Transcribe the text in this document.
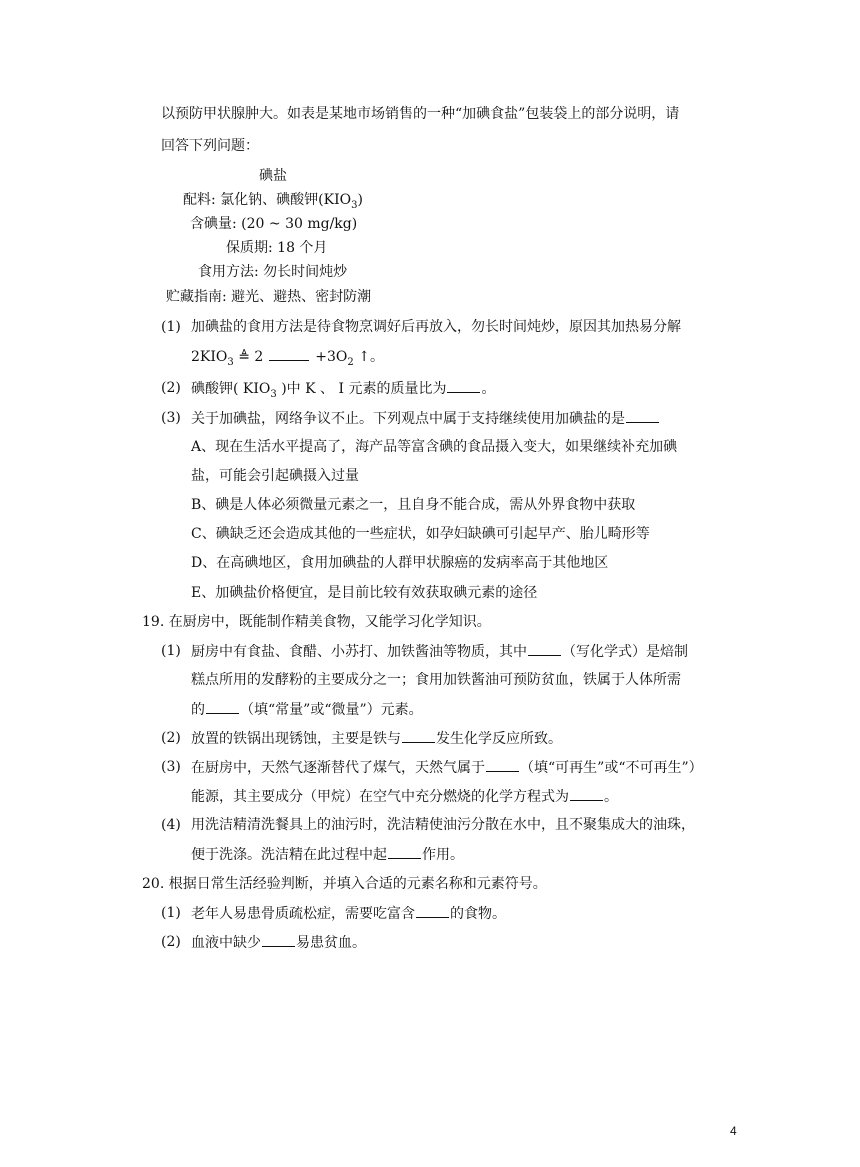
以预防甲状腺肿大。如表是某地市场销售的一种“加碘食盐”包装袋上的部分说明，请
回答下列问题：
碘盐
配料: 氯化钠、碘酸钾$(KIO_3)$
含碘量: (20 ~ 30 mg/kg)
保质期: 18 个月
食用方法: 勿长时间炖炒
贮藏指南: 避光、避热、密封防潮
(1) 加碘盐的食用方法是待食物烹调好后再放入，勿长时间炖炒，原因其加热易分解
$2KIO_3$ ≜ 2	$+3O_2$ ↑。
(2) 碘酸钾( $KIO_3$ )中 K 、 I 元素的质量比为	。
(3) 关于加碘盐，网络争议不止。下列观点中属于支持继续使用加碘盐的是
A、现在生活水平提高了，海产品等富含碘的食品摄入变大，如果继续补充加碘
盐，可能会引起碘摄入过量
B、碘是人体必须微量元素之一，且自身不能合成，需从外界食物中获取
C、碘缺乏还会造成其他的一些症状，如孕妇缺碘可引起早产、胎儿畸形等
D、在高碘地区，食用加碘盐的人群甲状腺癌的发病率高于其他地区
E、加碘盐价格便宜，是目前比较有效获取碘元素的途径
19. 在厨房中，既能制作精美食物，又能学习化学知识。
(1) 厨房中有食盐、食醋、小苏打、加铁酱油等物质，其中	（写化学式）是焙制
糕点所用的发酵粉的主要成分之一；食用加铁酱油可预防贫血，铁属于人体所需
的	（填“常量”或“微量”）元素。
(2) 放置的铁锅出现锈蚀，主要是铁与	发生化学反应所致。
(3) 在厨房中，天然气逐渐替代了煤气，天然气属于	（填“可再生”或“不可再生”）
能源，其主要成分（甲烷）在空气中充分燃烧的化学方程式为	。
(4) 用洗洁精清洗餐具上的油污时，洗洁精使油污分散在水中，且不聚集成大的油珠，
便于洗涤。洗洁精在此过程中起	作用。
20. 根据日常生活经验判断，并填入合适的元素名称和元素符号。
(1) 老年人易患骨质疏松症，需要吃富含	的食物。
(2) 血液中缺少	易患贫血。
4
